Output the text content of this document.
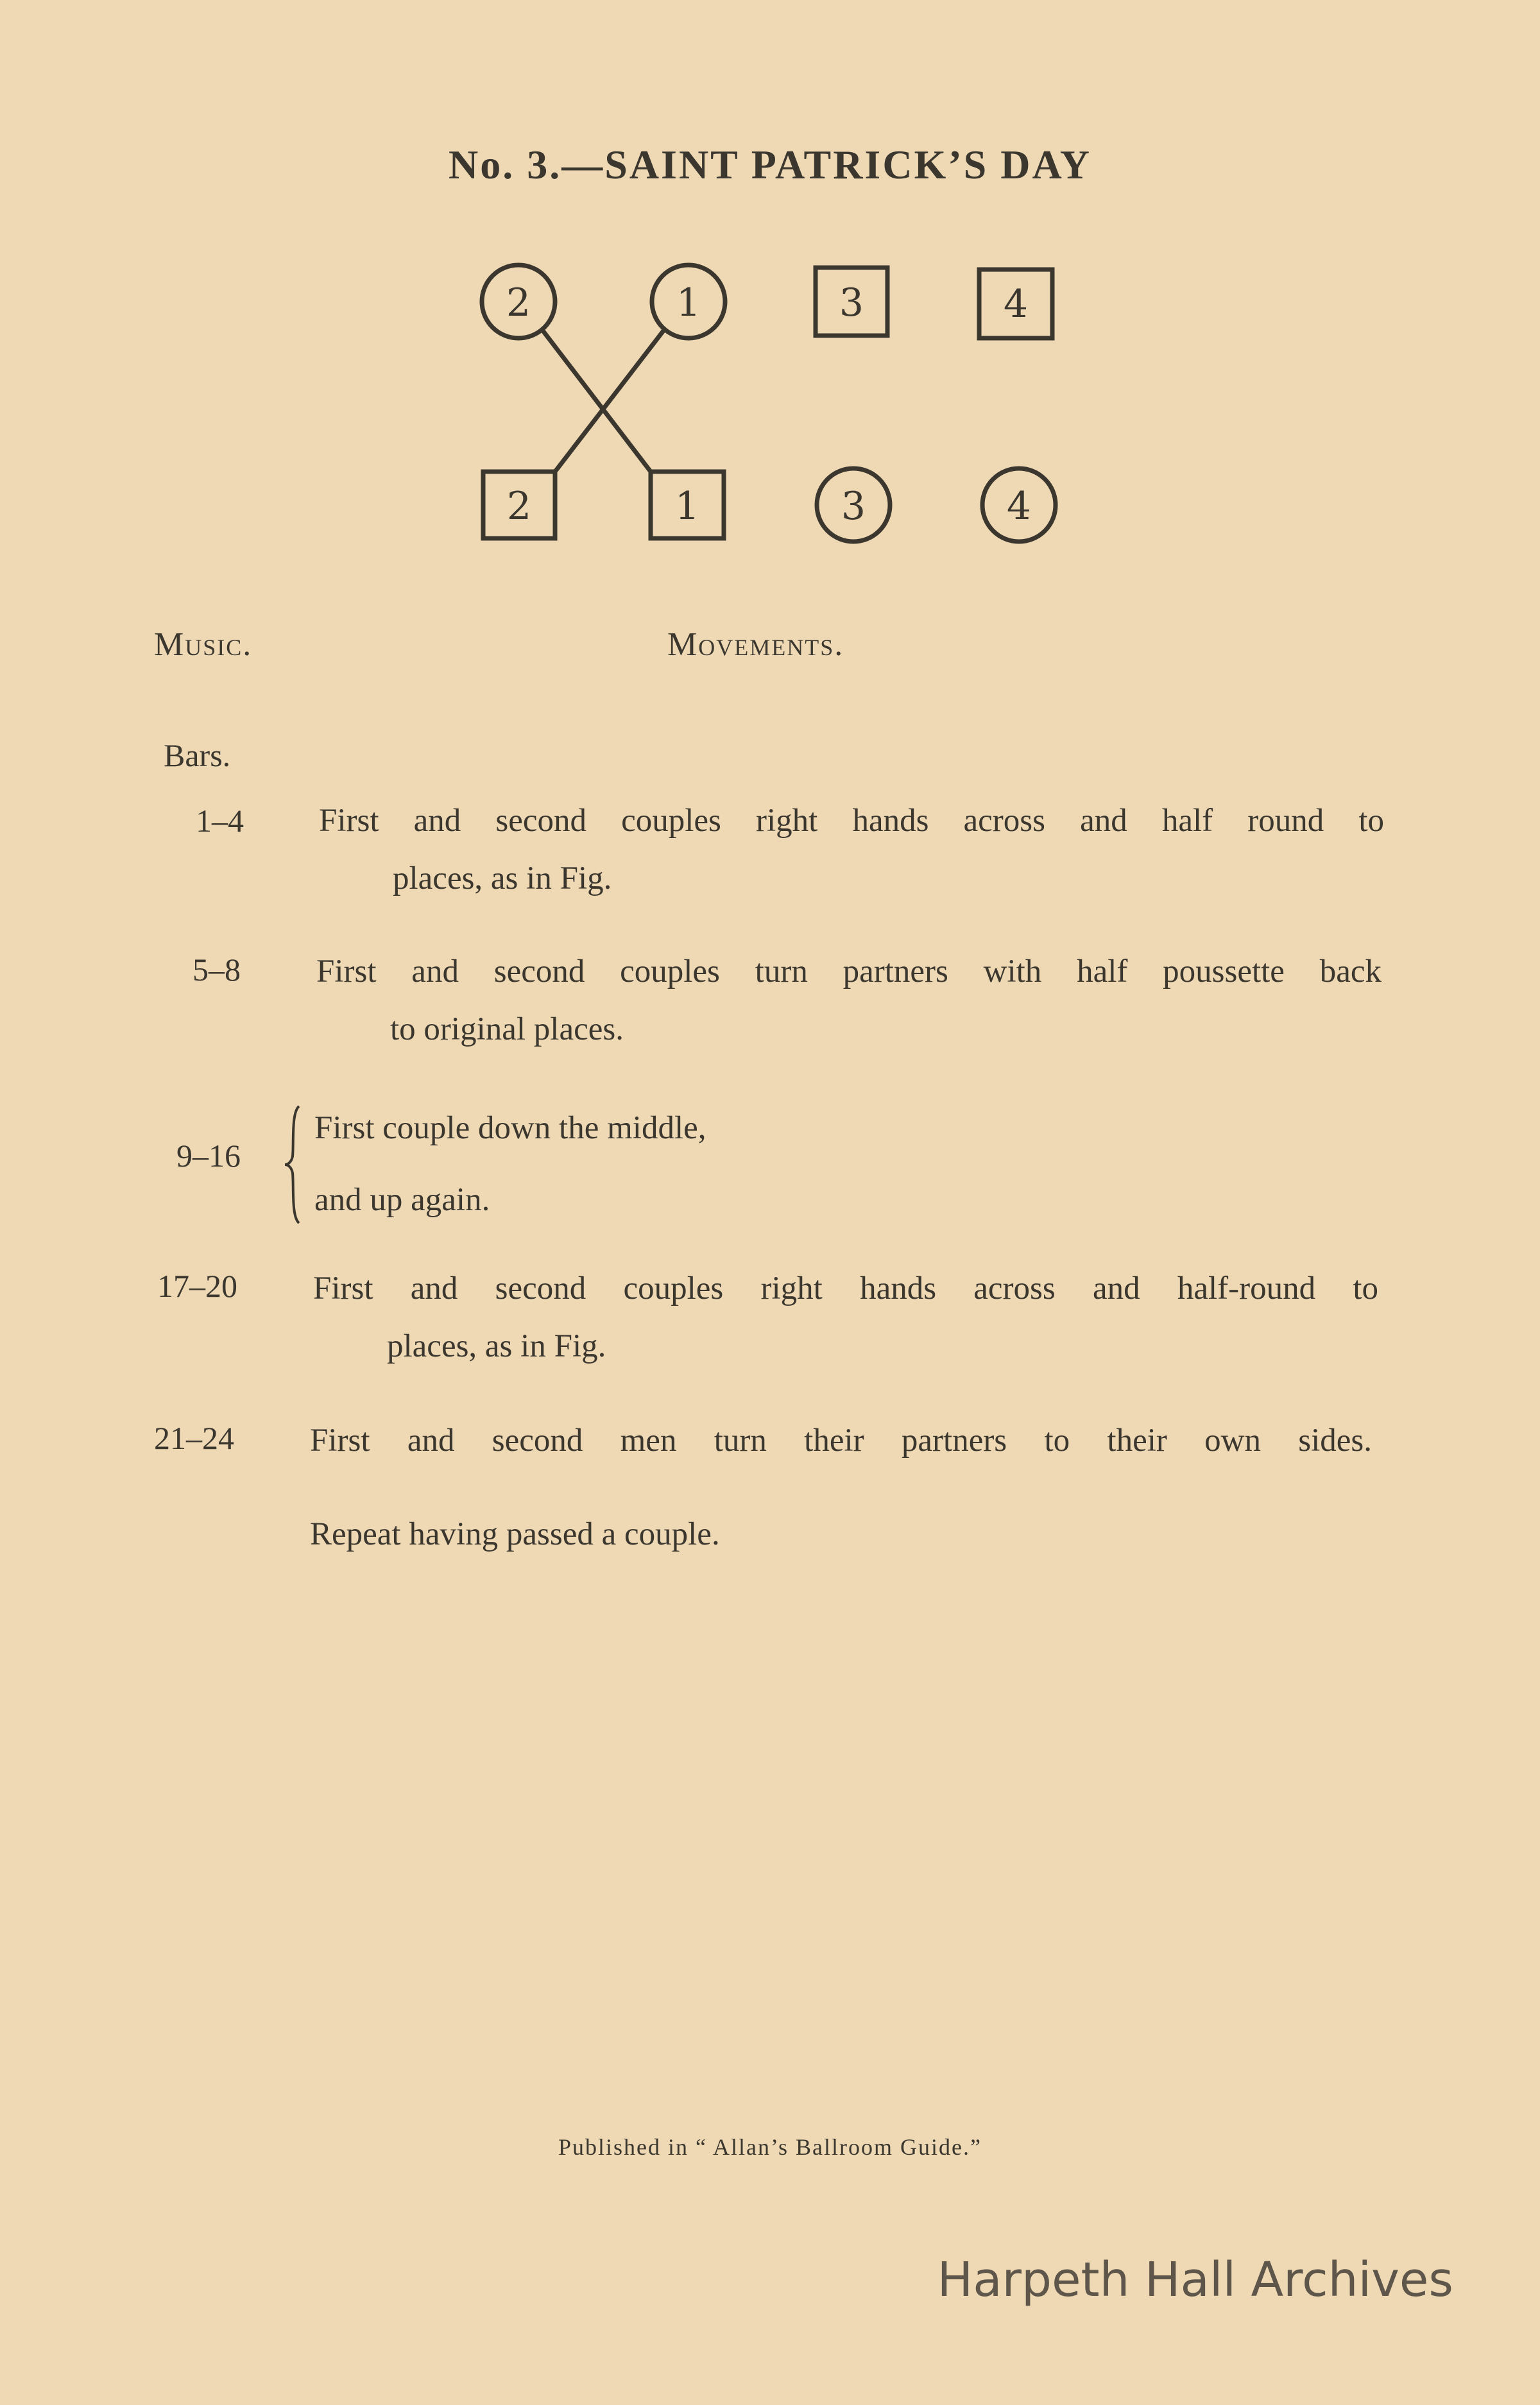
No. 3.—SAINT PATRICK’S DAY
2	1	3	4
2	1	3	4
Music.	Movements.
Bars.
1–4 First and second couples right hands across and half round to
places, as in Fig.
5–8 First and second couples turn partners with half poussette back
to original places.
9–16
First couple down the middle,
and up again.
17–20 First and second couples right hands across and half-round to
places, as in Fig.
21–24 First and second men turn their partners to their own sides.
Repeat having passed a couple.
Published in “ Allan’s Ballroom Guide.”
Harpeth Hall Archives
